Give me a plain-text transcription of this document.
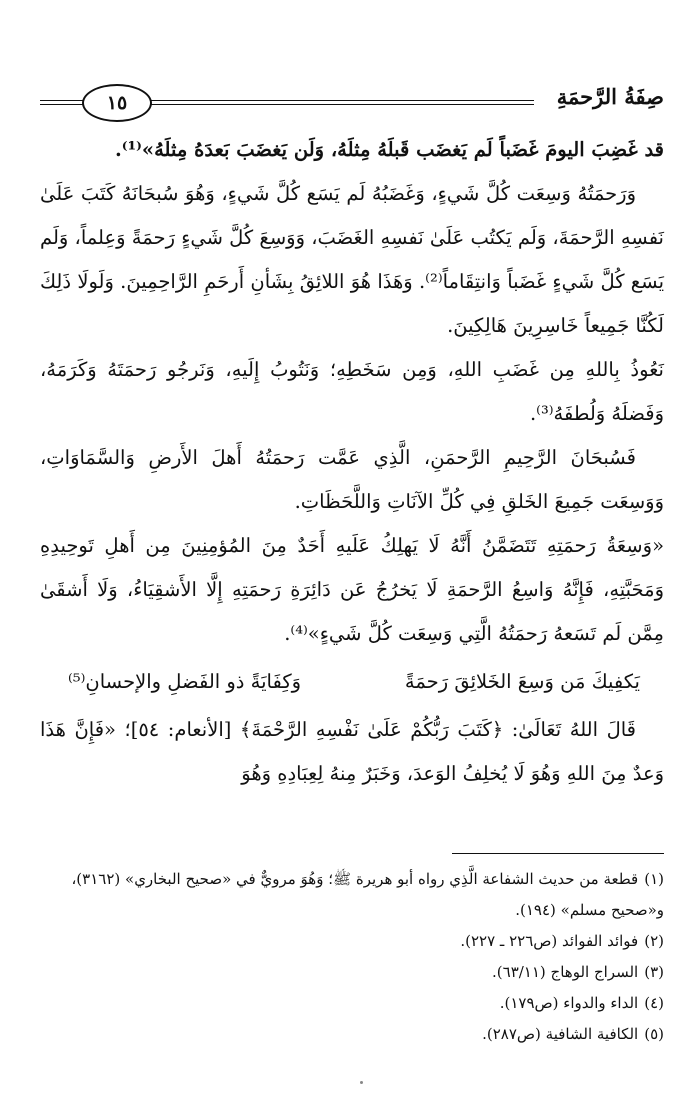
صِفَةُ الرَّحمَةِ
١٥

قد غَضِبَ اليومَ غَضَباً لَم يَغضَب قَبلَهُ مِثلَهُ، وَلَن يَغضَبَ بَعدَهُ مِثلَهُ»⁽¹⁾.

وَرَحمَتُهُ وَسِعَت كُلَّ شَيءٍ، وَغَضَبُهُ لَم يَسَع كُلَّ شَيءٍ، وَهُوَ سُبحَانَهُ كَتَبَ عَلَىٰ نَفسِهِ الرَّحمَةَ، وَلَم يَكتُب عَلَىٰ نَفسِهِ الغَضَبَ، وَوَسِعَ كُلَّ شَيءٍ رَحمَةً وَعِلماً، وَلَم يَسَع كُلَّ شَيءٍ غَضَباً وَانتِقَاماً⁽²⁾. وَهَذَا هُوَ اللائِقُ بِشَأنِ أَرحَمِ الرَّاحِمِينَ. وَلَولَا ذَلِكَ لَكُنَّا جَمِيعاً خَاسِرِينَ هَالِكِينَ.

نَعُوذُ بِاللهِ مِن غَضَبِ اللهِ، وَمِن سَخَطِهِ؛ وَنَتُوبُ إِلَيهِ، وَنَرجُو رَحمَتَهُ وَكَرَمَهُ، وَفَضلَهُ وَلُطفَهُ⁽³⁾.

فَسُبحَانَ الرَّحِيمِ الرَّحمَنِ، الَّذِي عَمَّت رَحمَتُهُ أَهلَ الأَرضِ وَالسَّمَاوَاتِ، وَوَسِعَت جَمِيعَ الخَلقِ فِي كُلِّ الآنَاتِ وَاللَّحَظَاتِ.

«وَسِعَةُ رَحمَتِهِ تَتَضَمَّنُ أَنَّهُ لَا يَهلِكُ عَلَيهِ أَحَدٌ مِنَ المُؤمِنِينَ مِن أَهلِ تَوحِيدِهِ وَمَحَبَّتِهِ، فَإِنَّهُ وَاسِعُ الرَّحمَةِ لَا يَخرُجُ عَن دَائِرَةِ رَحمَتِهِ إِلَّا الأَشقِيَاءُ، وَلَا أَشقَىٰ مِمَّن لَم تَسَعهُ رَحمَتُهُ الَّتِي وَسِعَت كُلَّ شَيءٍ»⁽⁴⁾.

يَكفِيكَ مَن وَسِعَ الخَلائِقَ رَحمَةً
وَكِفَايَةً ذو الفَضلِ والإحسانِ⁽⁵⁾

قَالَ اللهُ تَعَالَىٰ: ﴿كَتَبَ رَبُّكُمْ عَلَىٰ نَفْسِهِ الرَّحْمَةَ﴾ [الأنعام: ٥٤]؛ «فَإِنَّ هَذَا وَعدٌ مِنَ اللهِ وَهُوَ لَا يُخلِفُ الوَعدَ، وَخَبَرٌ مِنهُ لِعِبَادِهِ وَهُوَ

(١)قطعة من حديث الشفاعة الَّذِي رواه أبو هريرة ﷺ؛ وَهُوَ مرويٌّ في «صحيح البخاري» (٣١٦٢)، و«صحيح مسلم» (١٩٤).

(٢)فوائد الفوائد (ص٢٢٦ ـ ٢٢٧).

(٣)السراج الوهاج (٦٣/١١).

(٤)الداء والدواء (ص١٧٩).

(٥)الكافية الشافية (ص٢٨٧).
